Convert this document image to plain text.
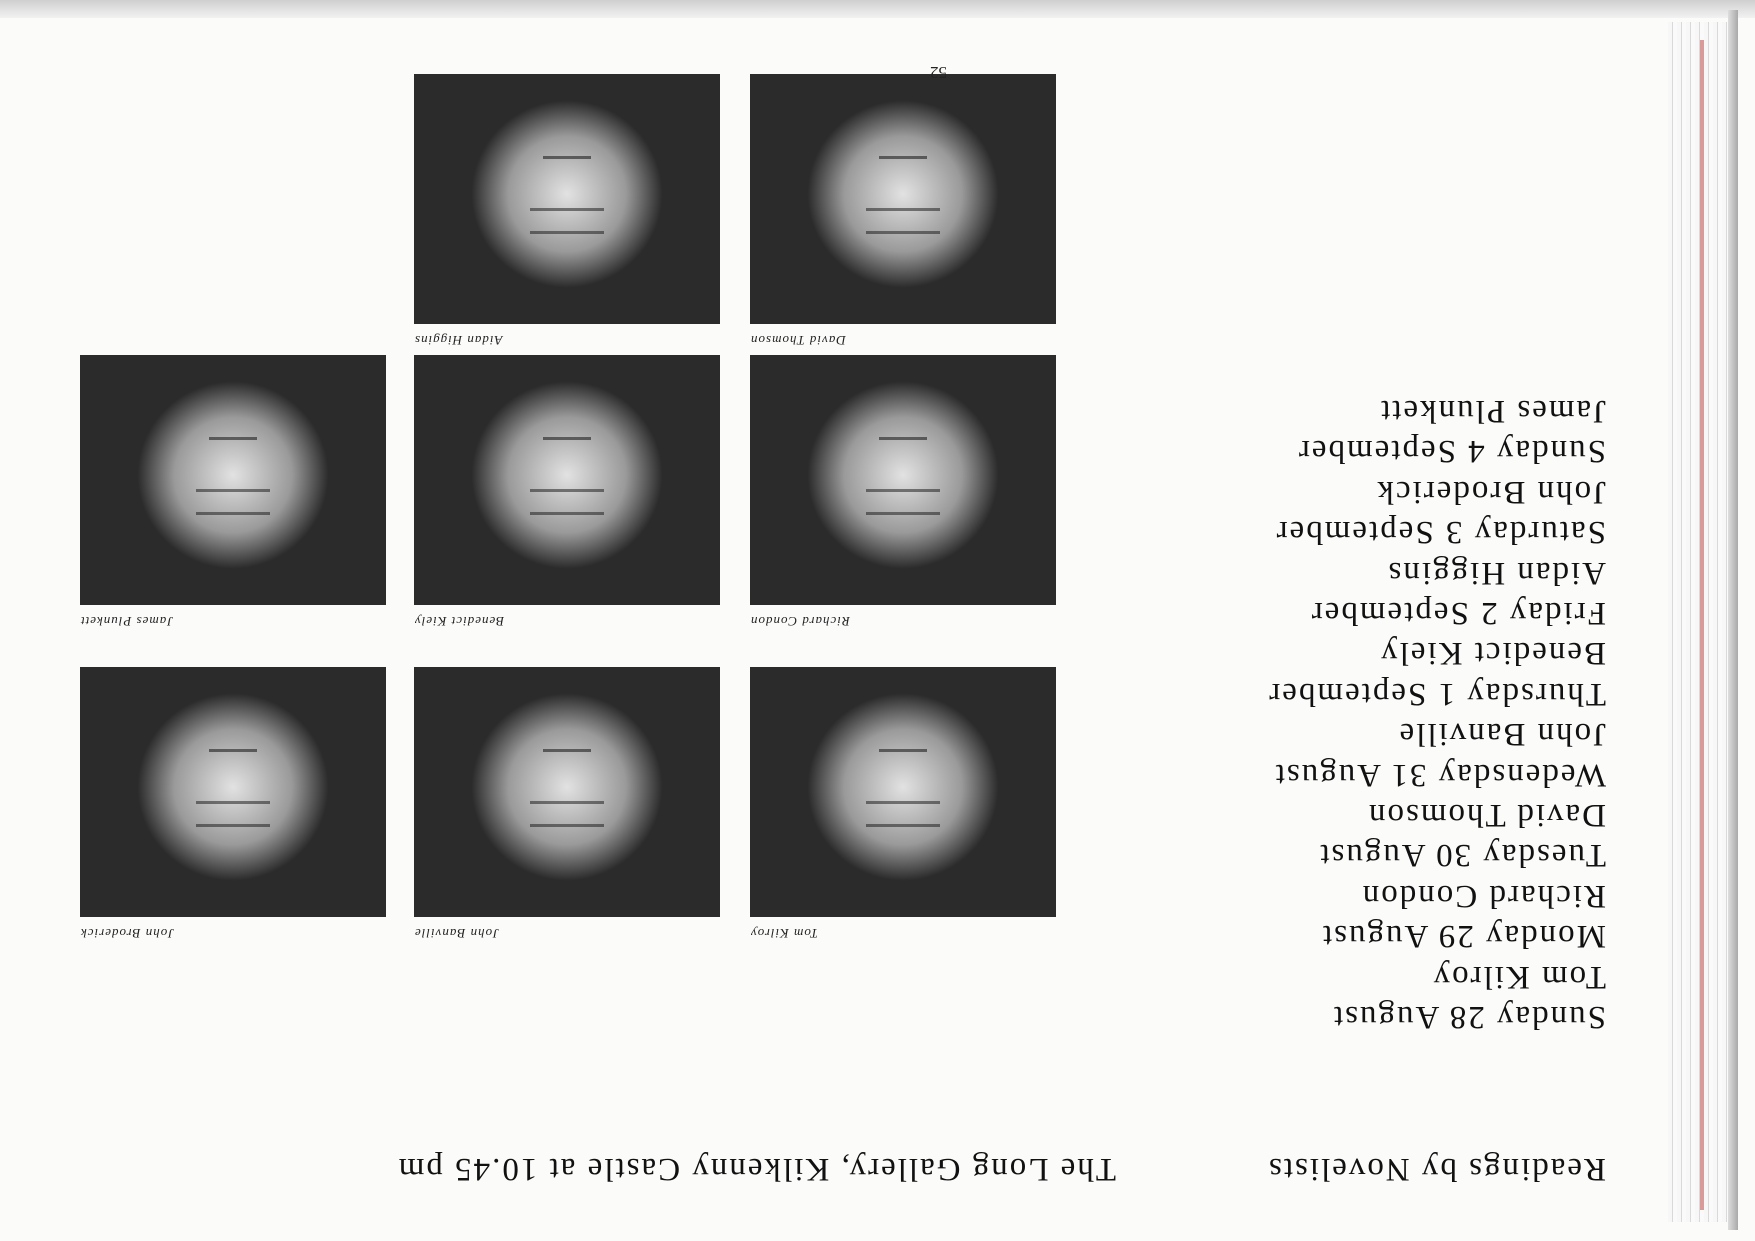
Readings by Novelists
The Long Gallery, Kilkenny Castle at 10.45 pm
Sunday 28 August
Tom Kilroy
Monday 29 August
Richard Condon
Tuesday 30 August
David Thomson
Wedensday 31 August
John Banville
Thursday 1 September
Benedict Kiely
Friday 2 September
Aidan Higgins
Saturday 3 September
John Broderick
Sunday 4 September
James Plunkett
Tom Kilroy
John Banville
John Broderick
Richard Condon
Benedict Kiely
James Plunkett
David Thomson
Aidan Higgins
52
